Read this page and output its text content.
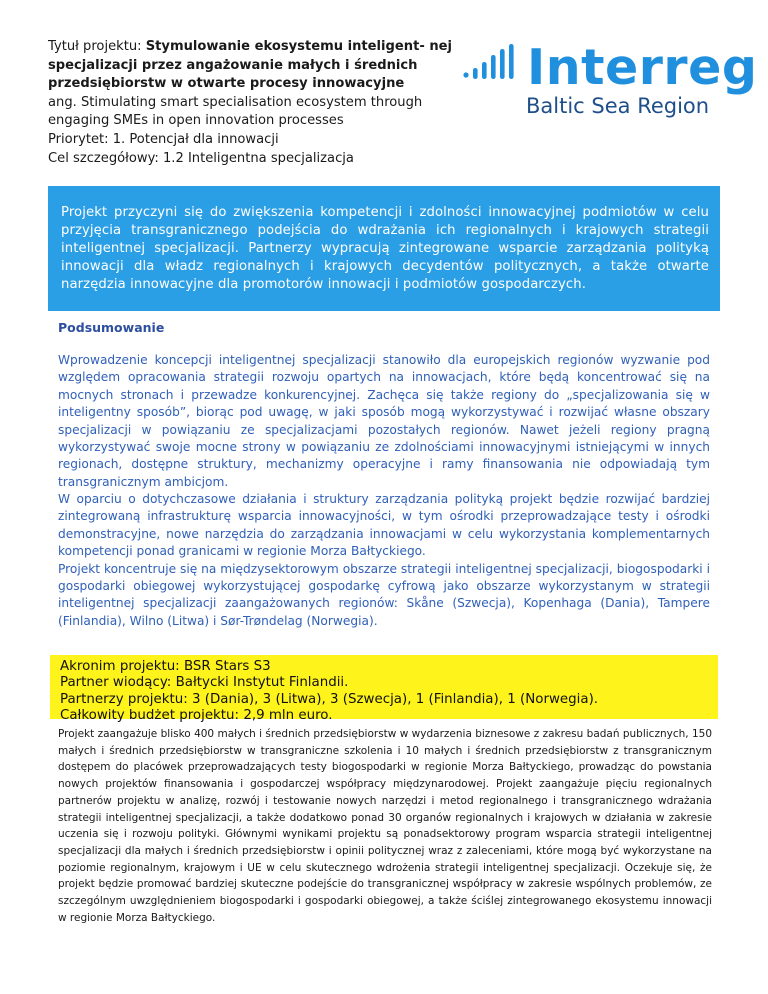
Tytuł projektu: Stymulowanie ekosystemu inteligent- nej specjalizacji przez angażowanie małych i średnich przedsiębiorstw w otwarte procesy innowacyjne
ang. Stimulating smart specialisation ecosystem through engaging SMEs in open innovation processes
Priorytet: 1. Potencjał dla innowacji
Cel szczegółowy: 1.2 Inteligentna specjalizacja
Interreg
Baltic Sea Region
Projekt przyczyni się do zwiększenia kompetencji i zdolności innowacyjnej podmiotów w celu przyjęcia transgranicznego podejścia do wdrażania ich regionalnych i krajowych strategii inteligentnej specjalizacji. Partnerzy wypracują zintegrowane wsparcie zarządzania polityką innowacji dla władz regionalnych i krajowych decydentów politycznych, a także otwarte narzędzia innowacyjne dla promotorów innowacji i podmiotów gospodarczych.
Podsumowanie
Wprowadzenie koncepcji inteligentnej specjalizacji stanowiło dla europejskich regionów wyzwanie pod względem opracowania strategii rozwoju opartych na innowacjach, które będą koncentrować się na mocnych stronach i przewadze konkurencyjnej. Zachęca się także regiony do „specjalizowania się w inteligentny sposób”, biorąc pod uwagę, w jaki sposób mogą wykorzystywać i rozwijać własne obszary specjalizacji w powiązaniu ze specjalizacjami pozostałych regionów. Nawet jeżeli regiony pragną wykorzystywać swoje mocne strony w powiązaniu ze zdolnościami innowacyjnymi istniejącymi w innych regionach, dostępne struktury, mechanizmy operacyjne i ramy finansowania nie odpowiadają tym transgranicznym ambicjom.
W oparciu o dotychczasowe działania i struktury zarządzania polityką projekt będzie rozwijać bardziej zintegrowaną infrastrukturę wsparcia innowacyjności, w tym ośrodki przeprowadzające testy i ośrodki demonstracyjne, nowe narzędzia do zarządzania innowacjami w celu wykorzystania komplementarnych kompetencji ponad granicami w regionie Morza Bałtyckiego.
Projekt koncentruje się na międzysektorowym obszarze strategii inteligentnej specjalizacji, biogospodarki i gospodarki obiegowej wykorzystującej gospodarkę cyfrową jako obszarze wykorzystanym w strategii inteligentnej specjalizacji zaangażowanych regionów: Skåne (Szwecja), Kopenhaga (Dania), Tampere (Finlandia), Wilno (Litwa) i Sør-Trøndelag (Norwegia).
Akronim projektu: BSR Stars S3
Partner wiodący: Bałtycki Instytut Finlandii.
Partnerzy projektu: 3 (Dania), 3 (Litwa), 3 (Szwecja), 1 (Finlandia), 1 (Norwegia).
Całkowity budżet projektu: 2,9 mln euro.
Projekt zaangażuje blisko 400 małych i średnich przedsiębiorstw w wydarzenia biznesowe z zakresu badań publicznych, 150 małych i średnich przedsiębiorstw w transgraniczne szkolenia i 10 małych i średnich przedsiębiorstw z transgranicznym dostępem do placówek przeprowadzających testy biogospodarki w regionie Morza Bałtyckiego, prowadząc do powstania nowych projektów finansowania i gospodarczej współpracy międzynarodowej. Projekt zaangażuje pięciu regionalnych partnerów projektu w analizę, rozwój i testowanie nowych narzędzi i metod regionalnego i transgranicznego wdrażania strategii inteligentnej specjalizacji, a także dodatkowo ponad 30 organów regionalnych i krajowych w działania w zakresie uczenia się i rozwoju polityki. Głównymi wynikami projektu są ponadsektorowy program wsparcia strategii inteligentnej specjalizacji dla małych i średnich przedsiębiorstw i opinii politycznej wraz z zaleceniami, które mogą być wykorzystane na poziomie regionalnym, krajowym i UE w celu skutecznego wdrożenia strategii inteligentnej specjalizacji. Oczekuje się, że projekt będzie promować bardziej skuteczne podejście do transgranicznej współpracy w zakresie wspólnych problemów, ze szczególnym uwzględnieniem biogospodarki i gospodarki obiegowej, a także ściślej zintegrowanego ekosystemu innowacji w regionie Morza Bałtyckiego.
